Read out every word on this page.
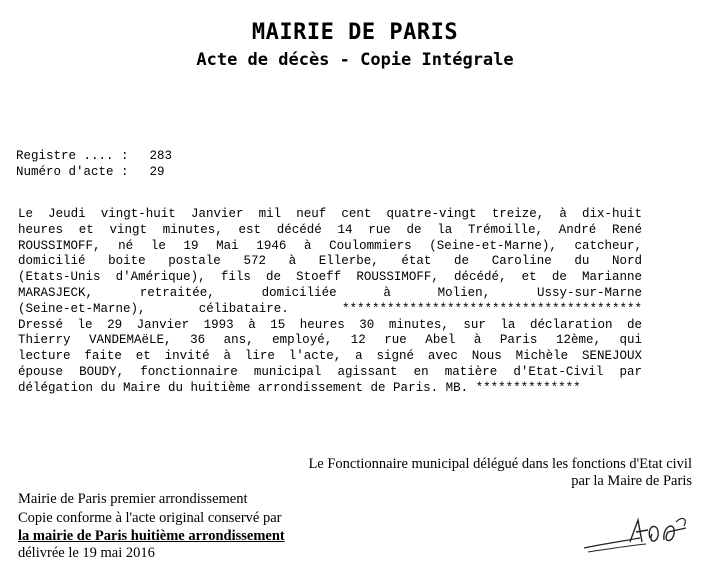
MAIRIE DE PARIS
Acte de décès - Copie Intégrale
Registre .... : 283
Numéro d'acte : 29
Le Jeudi vingt-huit Janvier mil neuf cent quatre-vingt treize, à dix-huit
heures et vingt minutes, est décédé 14 rue de la Trémoille, André René
ROUSSIMOFF, né le 19 Mai 1946 à Coulommiers (Seine-et-Marne), catcheur,
domicilié boite postale 572 à Ellerbe, état de Caroline du Nord
(Etats-Unis d'Amérique), fils de Stoeff ROUSSIMOFF, décédé, et de Marianne
MARASJECK, retraitée, domiciliée à Molien, Ussy-sur-Marne
(Seine-et-Marne), célibataire. ****************************************
Dressé le 29 Janvier 1993 à 15 heures 30 minutes, sur la déclaration de
Thierry VANDEMAëLE, 36 ans, employé, 12 rue Abel à Paris 12ème, qui
lecture faite et invité à lire l'acte, a signé avec Nous Michèle SENEJOUX
épouse BOUDY, fonctionnaire municipal agissant en matière d'Etat-Civil par
délégation du Maire du huitième arrondissement de Paris. MB. **************
Le Fonctionnaire municipal délégué dans les fonctions d'Etat civil
par la Maire de Paris
Mairie de Paris premier arrondissement
Copie conforme à l'acte original conservé par
la mairie de Paris huitième arrondissement
délivrée le 19 mai 2016
